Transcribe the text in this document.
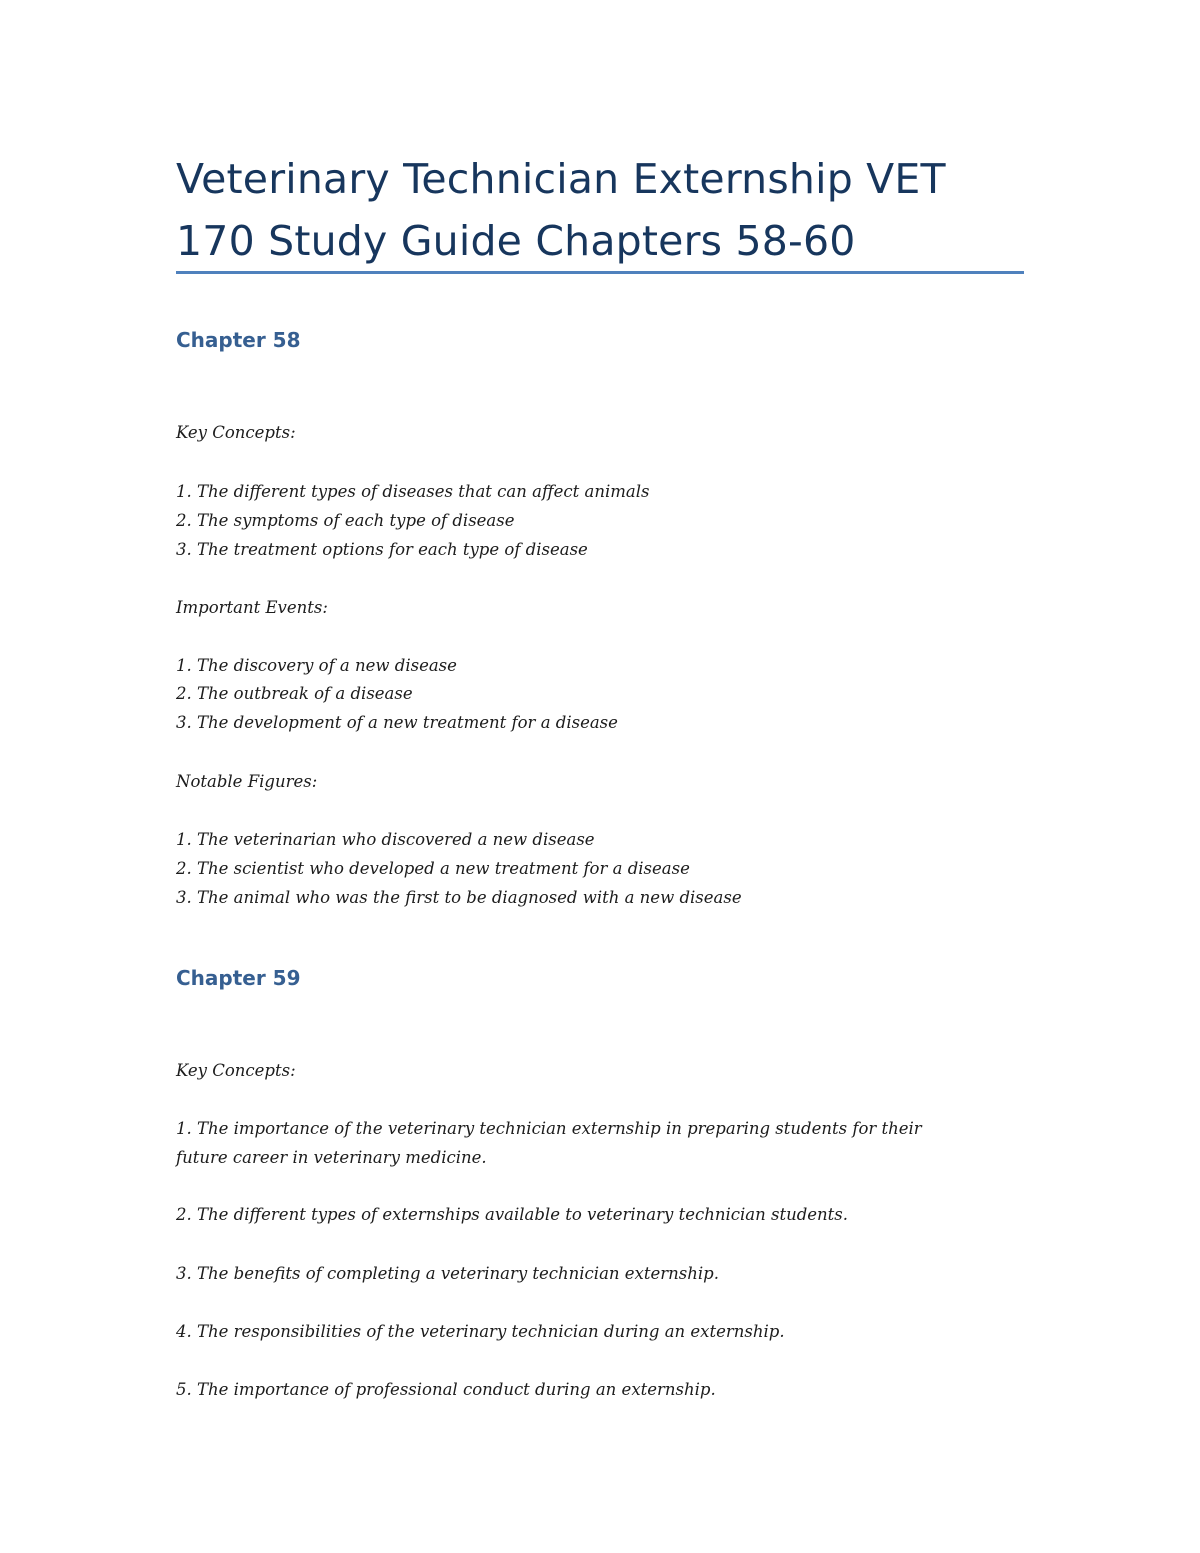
Veterinary Technician Externship VET
170 Study Guide Chapters 58-60
Chapter 58

Key Concepts:

1. The different types of diseases that can affect animals

2. The symptoms of each type of disease

3. The treatment options for each type of disease

Important Events:

1. The discovery of a new disease

2. The outbreak of a disease

3. The development of a new treatment for a disease

Notable Figures:

1. The veterinarian who discovered a new disease

2. The scientist who developed a new treatment for a disease

3. The animal who was the first to be diagnosed with a new disease

Chapter 59

Key Concepts:

1. The importance of the veterinary technician externship in preparing students for their future career in veterinary medicine.

2. The different types of externships available to veterinary technician students.

3. The benefits of completing a veterinary technician externship.

4. The responsibilities of the veterinary technician during an externship.

5. The importance of professional conduct during an externship.
